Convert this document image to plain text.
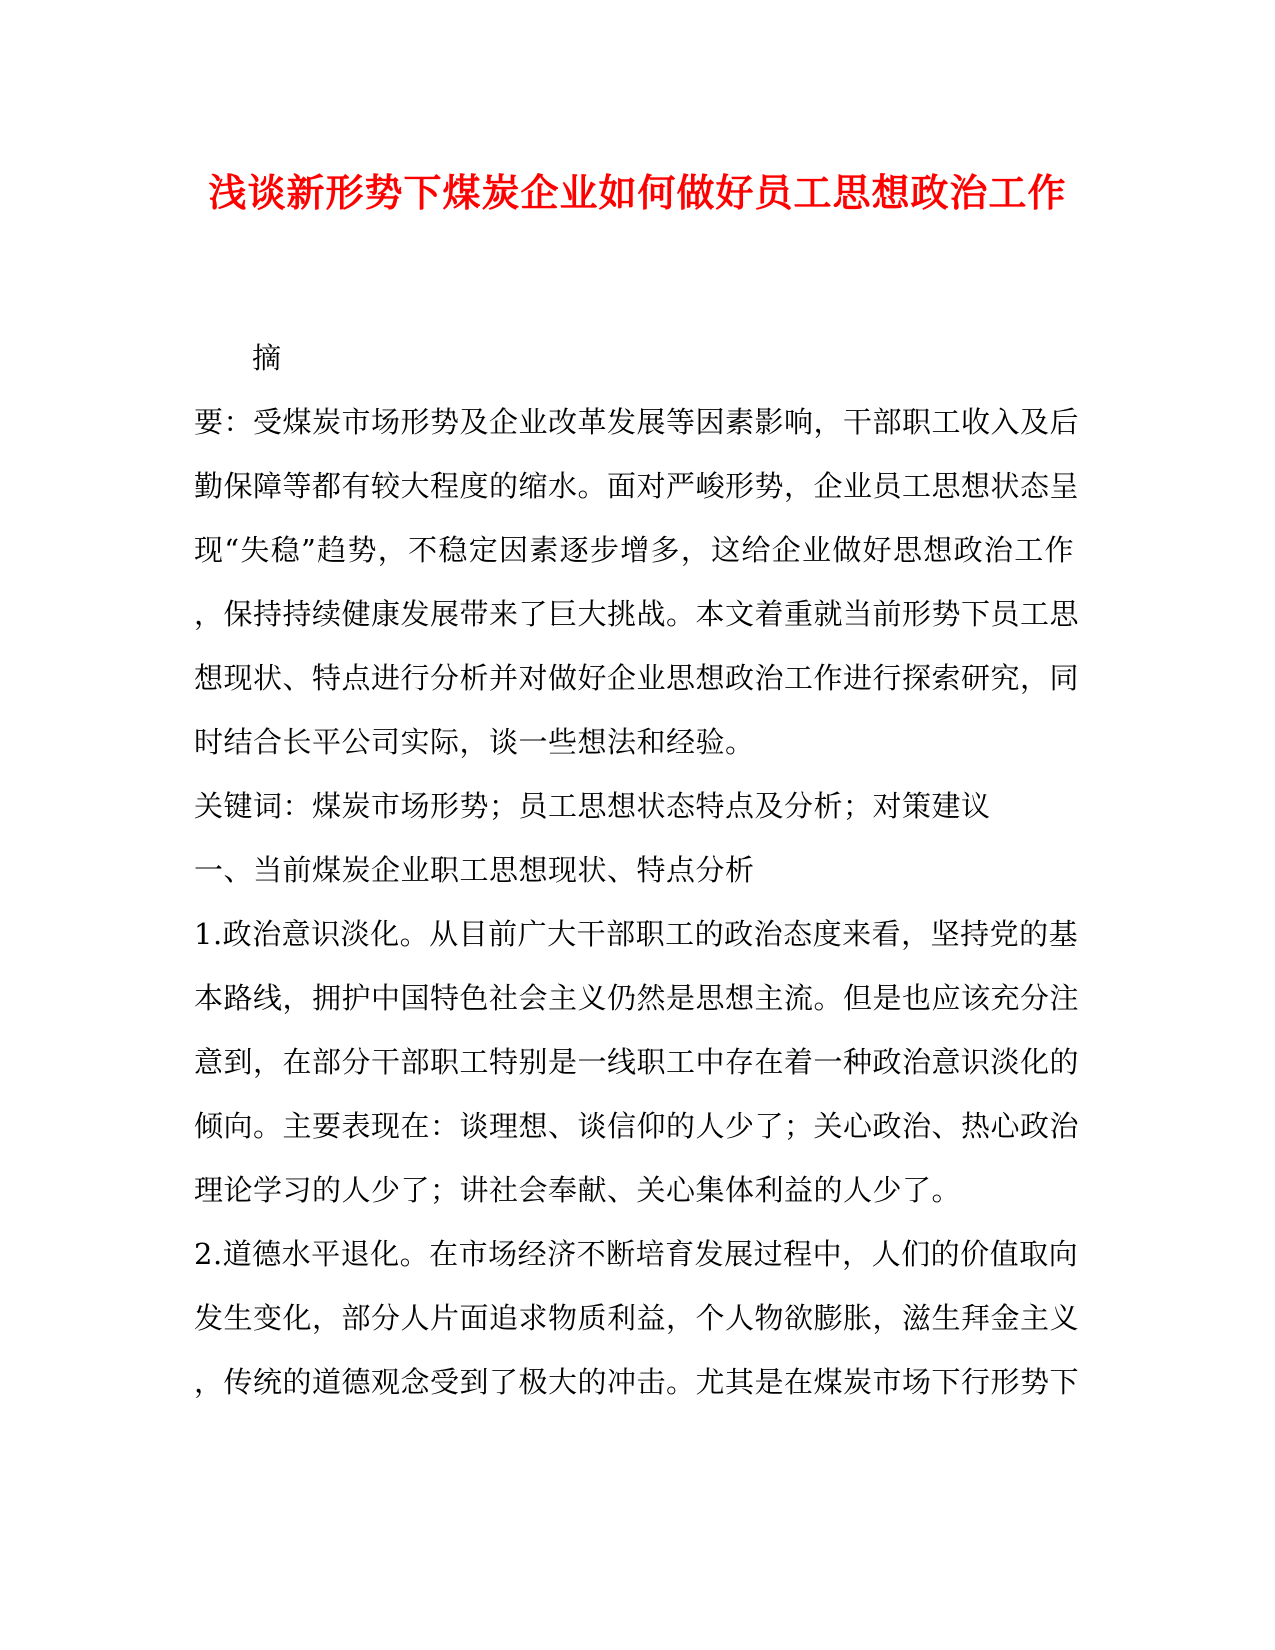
浅谈新形势下煤炭企业如何做好员工思想政治工作
摘
要：受煤炭市场形势及企业改革发展等因素影响，干部职工收入及后
勤保障等都有较大程度的缩水。面对严峻形势，企业员工思想状态呈
现“失稳”趋势，不稳定因素逐步增多，这给企业做好思想政治工作
，保持持续健康发展带来了巨大挑战。本文着重就当前形势下员工思
想现状、特点进行分析并对做好企业思想政治工作进行探索研究，同
时结合长平公司实际，谈一些想法和经验。
关键词：煤炭市场形势；员工思想状态特点及分析；对策建议
一、当前煤炭企业职工思想现状、特点分析
1.政治意识淡化。从目前广大干部职工的政治态度来看，坚持党的基
本路线，拥护中国特色社会主义仍然是思想主流。但是也应该充分注
意到，在部分干部职工特别是一线职工中存在着一种政治意识淡化的
倾向。主要表现在：谈理想、谈信仰的人少了；关心政治、热心政治
理论学习的人少了；讲社会奉献、关心集体利益的人少了。
2.道德水平退化。在市场经济不断培育发展过程中，人们的价值取向
发生变化，部分人片面追求物质利益，个人物欲膨胀，滋生拜金主义
，传统的道德观念受到了极大的冲击。尤其是在煤炭市场下行形势下
